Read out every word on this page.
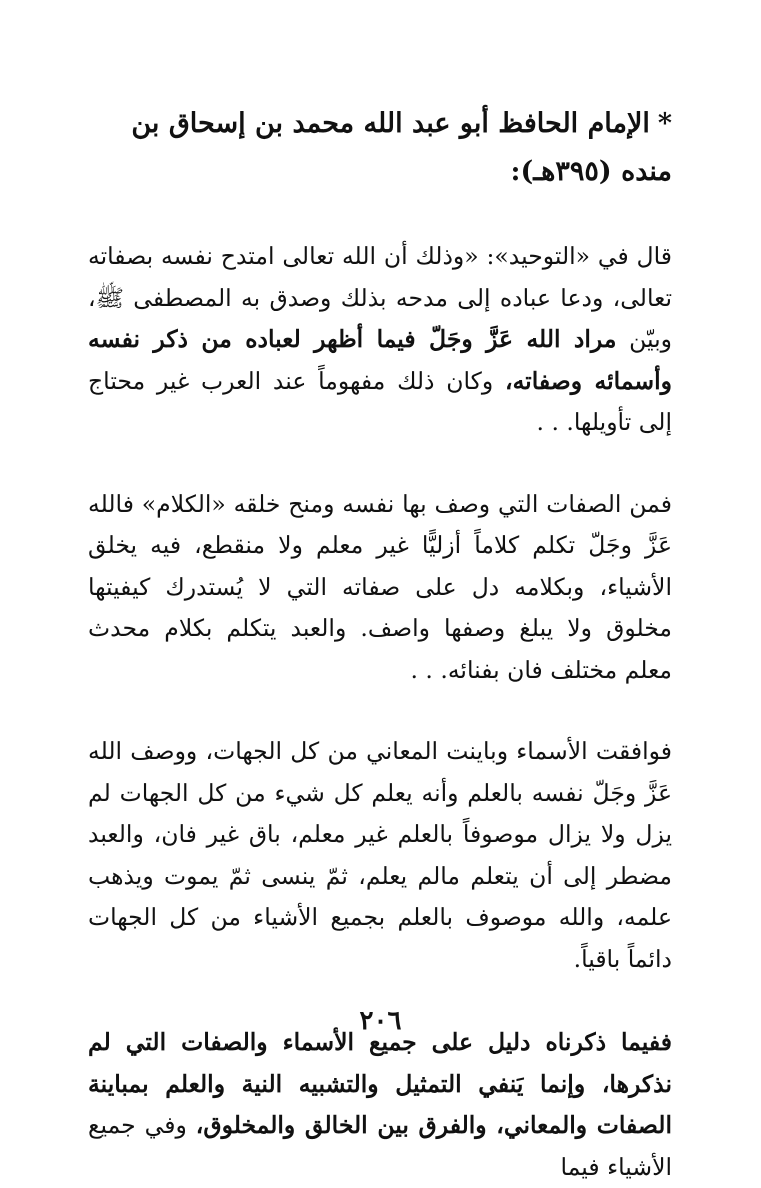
*الإمام الحافظ أبو عبد الله محمد بن إسحاق بن منده (٣٩٥هـ):

قال في «التوحيد»: «وذلك أن الله تعالى امتدح نفسه بصفاته تعالى، ودعا عباده إلى مدحه بذلك وصدق به المصطفى ﷺ، وبيّن مراد الله عَزَّ وجَلّ فيما أظهر لعباده من ذكر نفسه وأسمائه وصفاته، وكان ذلك مفهوماً عند العرب غير محتاج إلى تأويلها. . .

فمن الصفات التي وصف بها نفسه ومنح خلقه «الكلام» فالله عَزَّ وجَلّ تكلم كلاماً أزليًّا غير معلم ولا منقطع، فيه يخلق الأشياء، وبكلامه دل على صفاته التي لا يُستدرك كيفيتها مخلوق ولا يبلغ وصفها واصف. والعبد يتكلم بكلام محدث معلم مختلف فان بفنائه. . .

فوافقت الأسماء وباينت المعاني من كل الجهات، ووصف الله عَزَّ وجَلّ نفسه بالعلم وأنه يعلم كل شيء من كل الجهات لم يزل ولا يزال موصوفاً بالعلم غير معلم، باق غير فان، والعبد مضطر إلى أن يتعلم مالم يعلم، ثمّ ينسى ثمّ يموت ويذهب علمه، والله موصوف بالعلم بجميع الأشياء من كل الجهات دائماً باقياً.

ففيما ذكرناه دليل على جميع الأسماء والصفات التي لم نذكرها، وإنما يَنفي التمثيل والتشبيه النية والعلم بمباينة الصفات والمعاني، والفرق بين الخالق والمخلوق، وفي جميع الأشياء فيما

٢٠٦
